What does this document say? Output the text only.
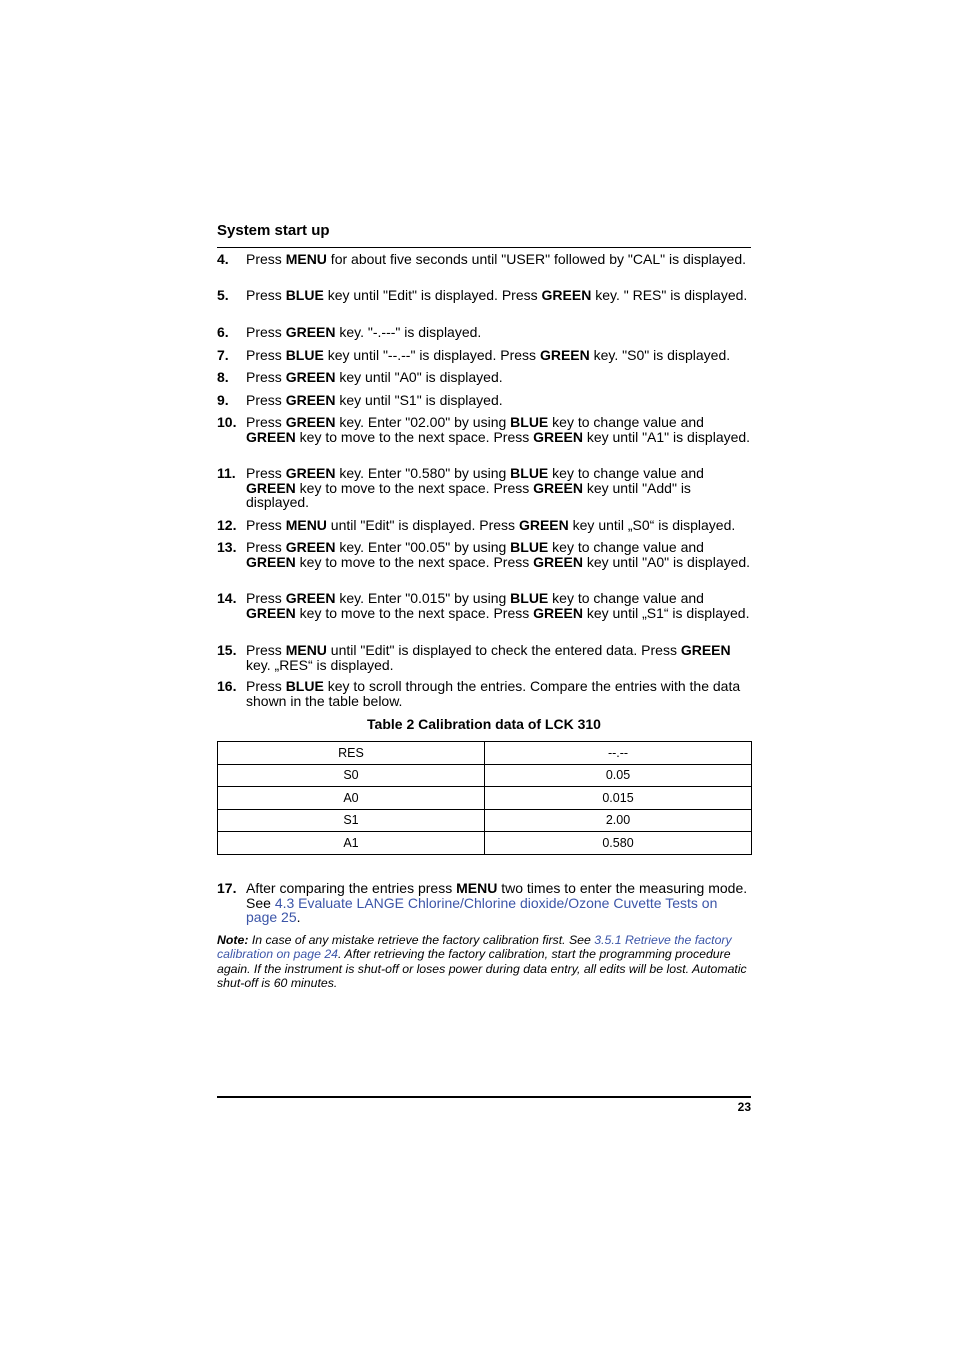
System start up
4. Press MENU for about five seconds until "USER" followed by "CAL" is displayed.
5. Press BLUE key until "Edit" is displayed. Press GREEN key. " RES" is displayed.
6. Press GREEN key. "-.---" is displayed.
7. Press BLUE key until "--.--" is displayed. Press GREEN key. "S0" is displayed.
8. Press GREEN key until "A0" is displayed.
9. Press GREEN key until "S1" is displayed.
10. Press GREEN key. Enter "02.00" by using BLUE key to change value and GREEN key to move to the next space. Press GREEN key until "A1" is displayed.
11. Press GREEN key. Enter "0.580" by using BLUE key to change value and GREEN key to move to the next space. Press GREEN key until "Add" is displayed.
12. Press MENU until "Edit" is displayed. Press GREEN key until „S0“ is displayed.
13. Press GREEN key. Enter "00.05" by using BLUE key to change value and GREEN key to move to the next space. Press GREEN key until "A0" is displayed.
14. Press GREEN key. Enter "0.015" by using BLUE key to change value and GREEN key to move to the next space. Press GREEN key until „S1“ is displayed.
15. Press MENU until "Edit" is displayed to check the entered data. Press GREEN key. „RES“ is displayed.
16. Press BLUE key to scroll through the entries. Compare the entries with the data shown in the table below.
Table 2 Calibration data of LCK 310
RES	--.--
S0	0.05
A0	0.015
S1	2.00
A1	0.580
17. After comparing the entries press MENU two times to enter the measuring mode. See 4.3 Evaluate LANGE Chlorine/Chlorine dioxide/Ozone Cuvette Tests on page 25.
Note: In case of any mistake retrieve the factory calibration first. See 3.5.1 Retrieve the factory calibration on page 24. After retrieving the factory calibration, start the programming procedure again. If the instrument is shut-off or loses power during data entry, all edits will be lost. Automatic shut-off is 60 minutes.
23
